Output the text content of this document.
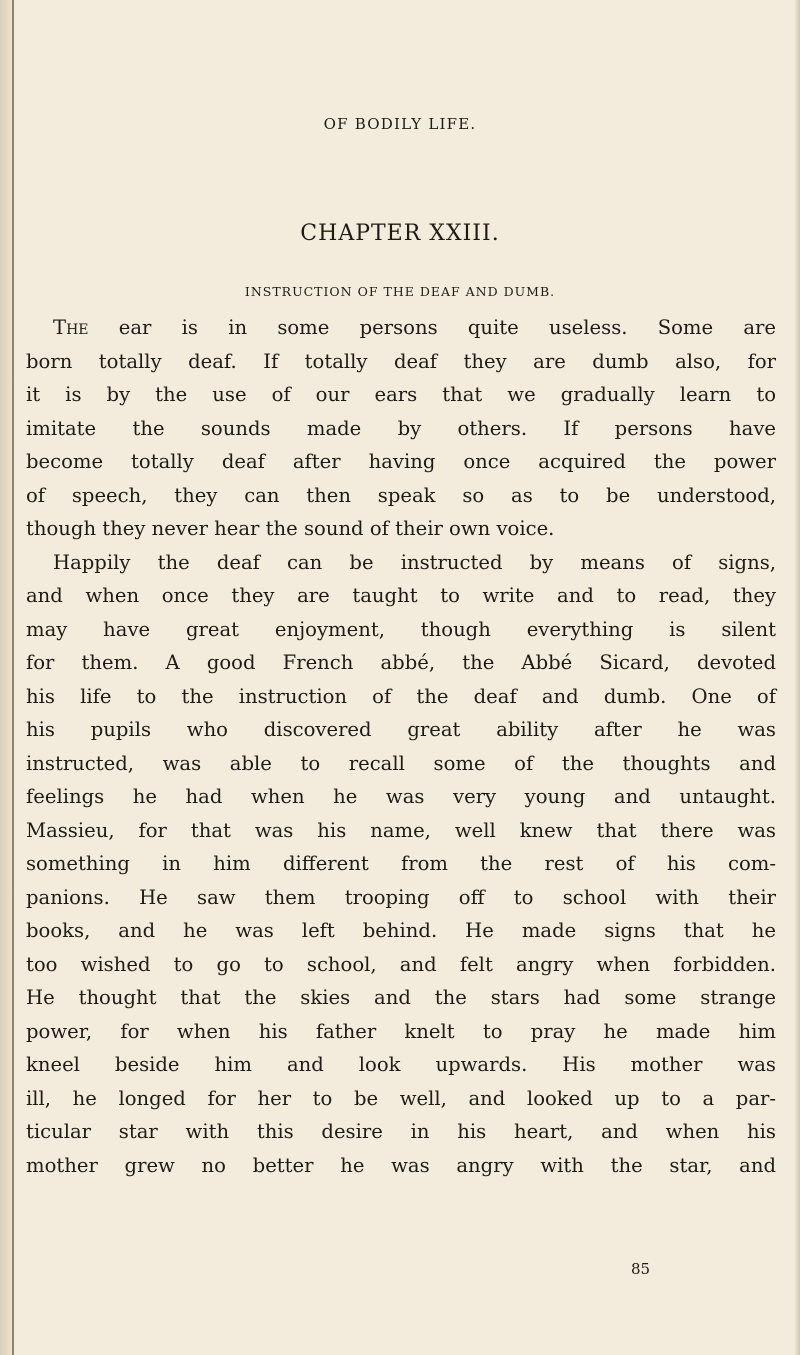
OF BODILY LIFE.
CHAPTER XXIII.
INSTRUCTION OF THE DEAF AND DUMB.
The ear is in some persons quite useless. Some are
born totally deaf. If totally deaf they are dumb also, for
it is by the use of our ears that we gradually learn to
imitate the sounds made by others. If persons have
become totally deaf after having once acquired the power
of speech, they can then speak so as to be understood,
though they never hear the sound of their own voice.
Happily the deaf can be instructed by means of signs,
and when once they are taught to write and to read, they
may have great enjoyment, though everything is silent
for them. A good French abbé, the Abbé Sicard, devoted
his life to the instruction of the deaf and dumb. One of
his pupils who discovered great ability after he was
instructed, was able to recall some of the thoughts and
feelings he had when he was very young and untaught.
Massieu, for that was his name, well knew that there was
something in him different from the rest of his com-
panions. He saw them trooping off to school with their
books, and he was left behind. He made signs that he
too wished to go to school, and felt angry when forbidden.
He thought that the skies and the stars had some strange
power, for when his father knelt to pray he made him
kneel beside him and look upwards. His mother was
ill, he longed for her to be well, and looked up to a par-
ticular star with this desire in his heart, and when his
mother grew no better he was angry with the star, and
85
